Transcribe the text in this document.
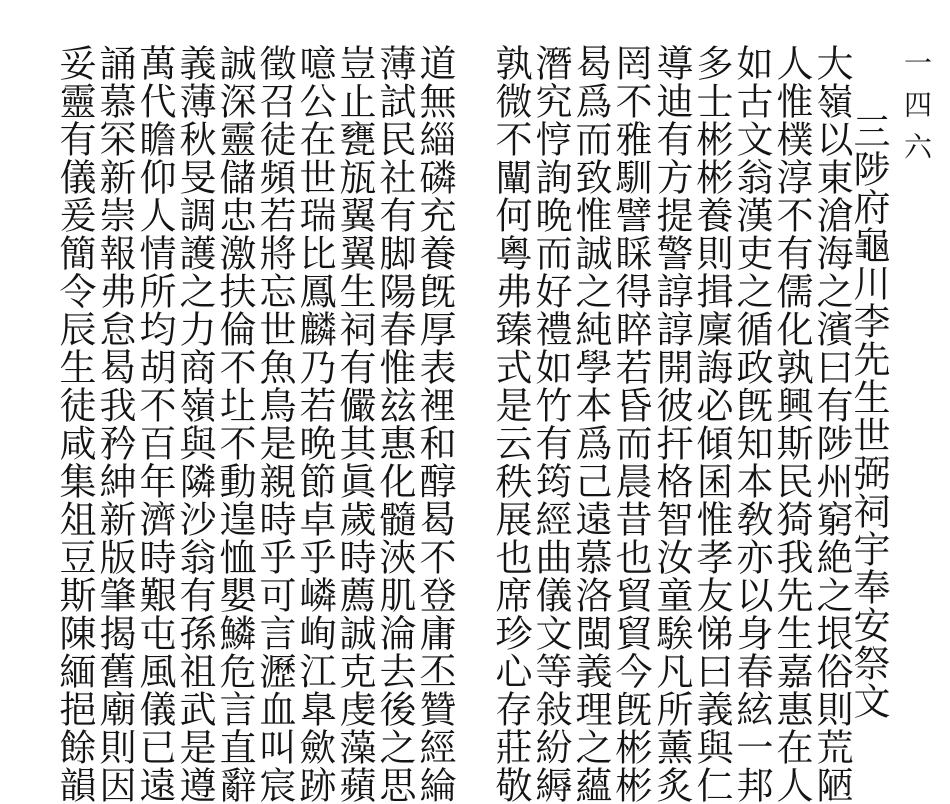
一四六
三陟府龜川李先生世弼祠宇奉安祭文
大嶺以東滄海之濱曰有陟州窮絶之垠俗則荒陋
人惟樸淳不有儒化孰興斯民猗我先生嘉惠在人
如古文翁漢吏之循政旣知本敎亦以身春絃一邦
多士彬彬養則揖廩誨必傾囷惟孝友悌曰義與仁
導迪有方提警諄諄開彼扞格智汝童騃凡所薰炙
罔不雅馴譬睬得睟若昏而晨昔也貿貿今旣彬彬
曷爲而致惟誠之純學本爲己遠慕洛閩義理之蘊
潛究悙詢晩而好禮如竹有筠經曲儀文等敍紛縟
孰微不闡何粵弗臻式是云秩展也席珍心存莊敬
道無緇磷充養旣厚表裡和醇曷不登庸丕贊經綸
薄試民社有脚陽春惟玆惠化髓浹肌淪去後之思
豈止甕瓬翼翼生祠有儼其眞歲時薦誠克虔藻蘋
噫公在世瑞比鳳麟乃若晩節卓乎嶙峋江臯歛跡
徵召徒頻若將忘世魚鳥是親時乎可言瀝血叫宸
誠深靈儲忠激扶倫不圵不動遑恤嬰鱗危言直辭
義薄秋旻調護之力商嶺與隣沙翁有孫祖武是遵
萬代瞻仰人情所均胡不百年濟時艱屯風儀已遠
誦慕罙新崇報弗怠曷我矜紳新版肇揭舊廟則因
妥靈有儀爰簡令辰生徒咸集俎豆斯陳緬挹餘韻
